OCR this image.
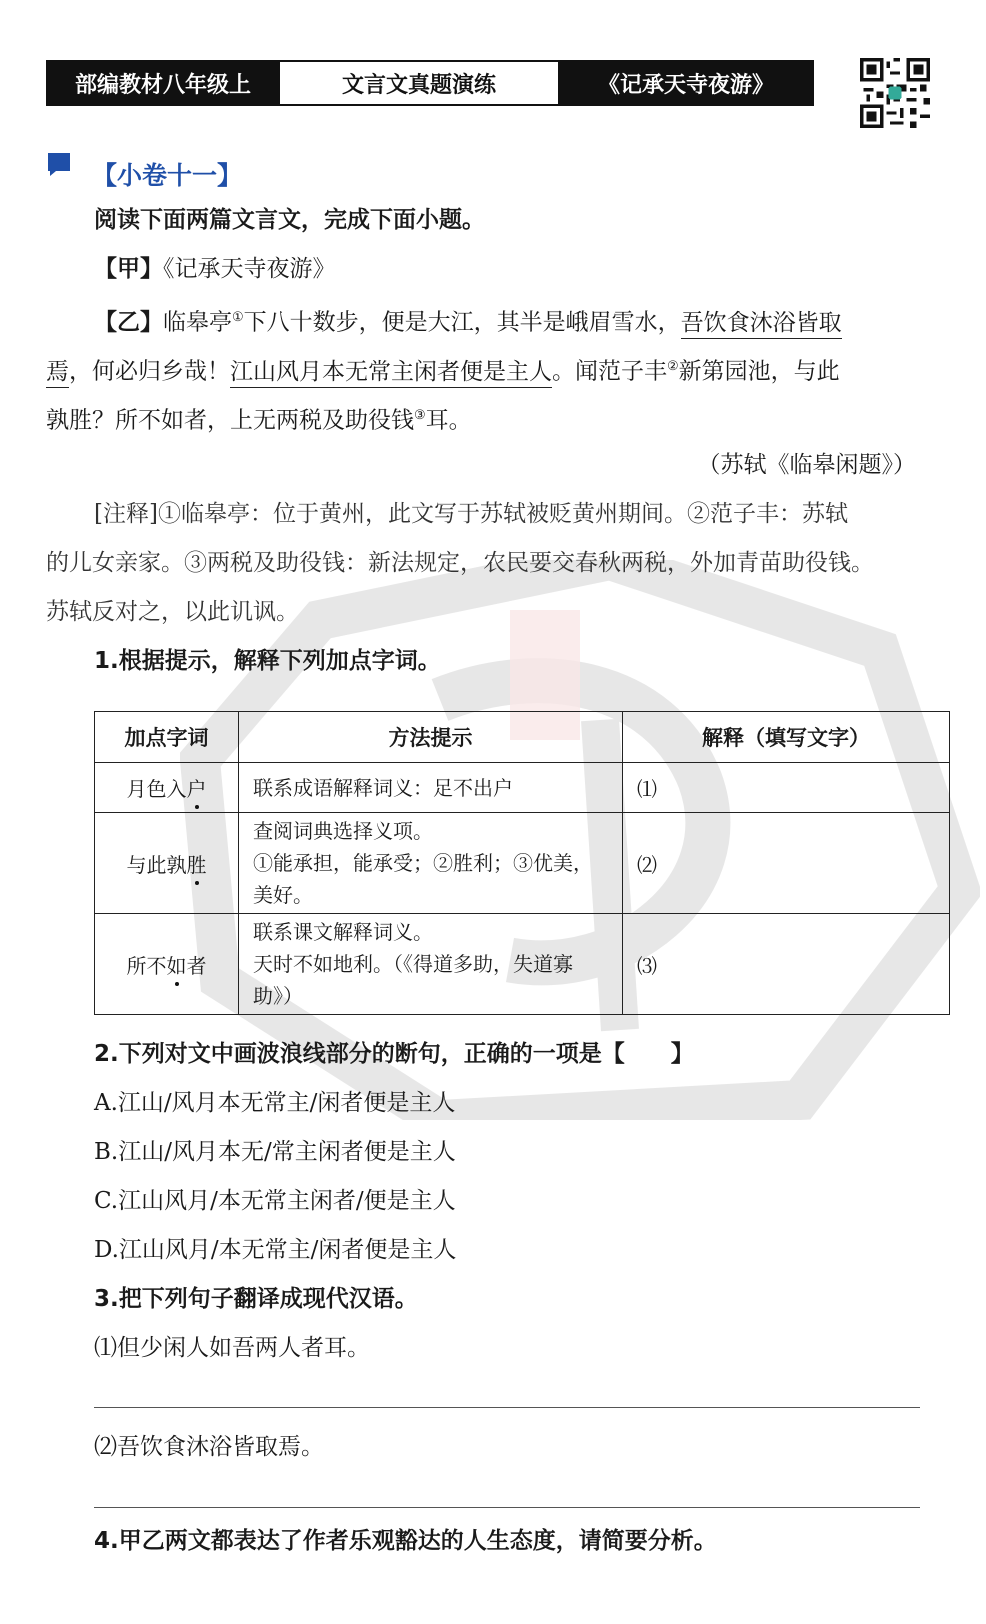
部编教材八年级上	文言文真题演练	《记承天寺夜游》
【小卷十一】
阅读下面两篇文言文，完成下面小题。
【甲】《记承天寺夜游》
【乙】临皋亭①下八十数步，便是大江，其半是峨眉雪水，吾饮食沐浴皆取
焉，何必归乡哉！江山风月本无常主闲者便是主人。闻范子丰②新第园池，与此
孰胜？所不如者，上无两税及助役钱③耳。
（苏轼《临皋闲题》）
[注释]①临皋亭：位于黄州，此文写于苏轼被贬黄州期间。②范子丰：苏轼
的儿女亲家。③两税及助役钱：新法规定，农民要交春秋两税，外加青苗助役钱。
苏轼反对之，以此讥讽。
1.根据提示，解释下列加点字词。
加点字词	方法提示	解释（填写文字）
月色入户	联系成语解释词义：足不出户	⑴
与此孰胜	查阅词典选择义项。
①能承担，能承受；②胜利；③优美，
美好。	⑵
所不如者	联系课文解释词义。
天时不如地利。（《得道多助，失道寡
助》）	⑶
2.下列对文中画波浪线部分的断句，正确的一项是【　　】
A.江山/风月本无常主/闲者便是主人
B.江山/风月本无/常主闲者便是主人
C.江山风月/本无常主闲者/便是主人
D.江山风月/本无常主/闲者便是主人
3.把下列句子翻译成现代汉语。
⑴但少闲人如吾两人者耳。
⑵吾饮食沐浴皆取焉。
4.甲乙两文都表达了作者乐观豁达的人生态度，请简要分析。
